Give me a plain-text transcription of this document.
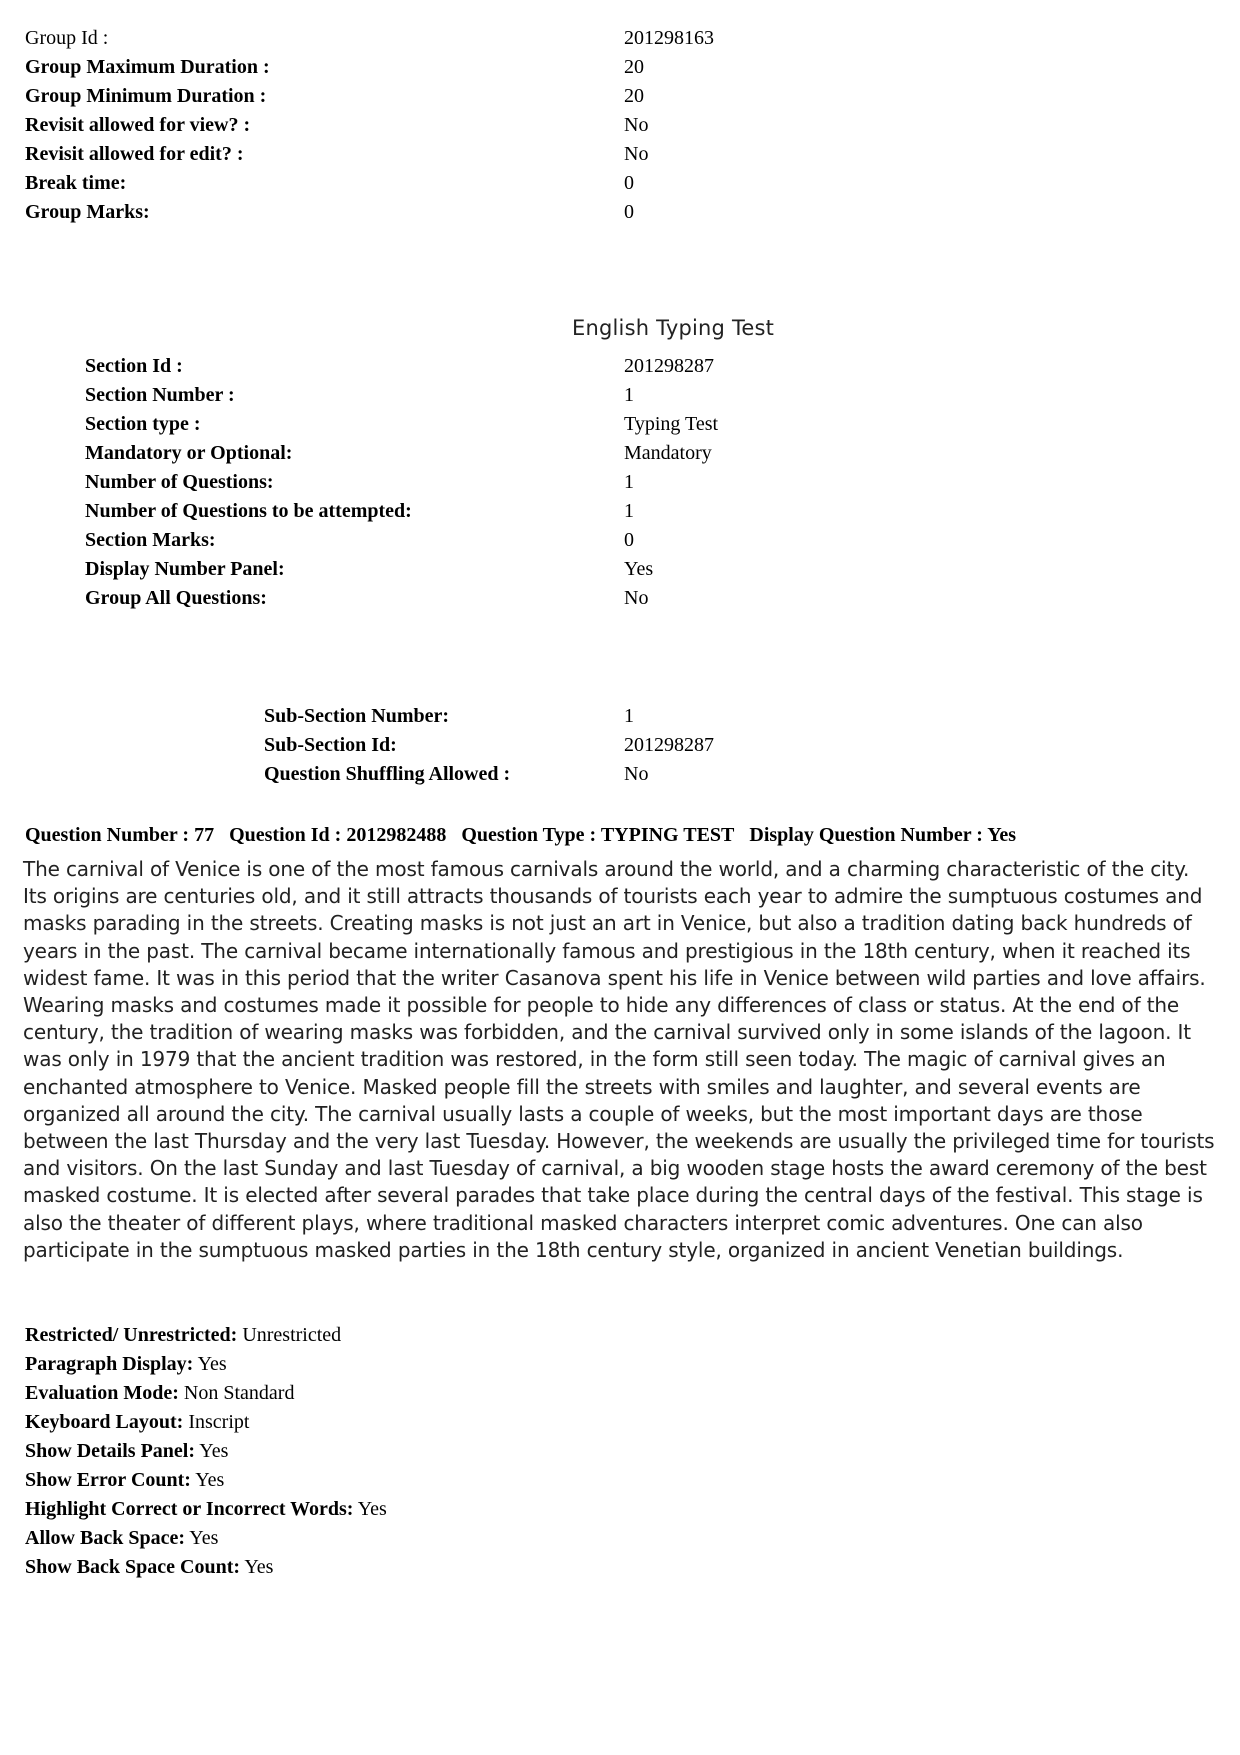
Group Id :	201298163
Group Maximum Duration :	20
Group Minimum Duration :	20
Revisit allowed for view? :	No
Revisit allowed for edit? :	No
Break time:	0
Group Marks:	0
English Typing Test
Section Id :	201298287
Section Number :	1
Section type :	Typing Test
Mandatory or Optional:	Mandatory
Number of Questions:	1
Number of Questions to be attempted:	1
Section Marks:	0
Display Number Panel:	Yes
Group All Questions:	No
Sub-Section Number:	1
Sub-Section Id:	201298287
Question Shuffling Allowed :	No
Question Number : 77 Question Id : 2012982488 Question Type : TYPING TEST Display Question Number : Yes
The carnival of Venice is one of the most famous carnivals around the world, and a charming characteristic of the city. Its origins are centuries old, and it still attracts thousands of tourists each year to admire the sumptuous costumes and masks parading in the streets. Creating masks is not just an art in Venice, but also a tradition dating back hundreds of years in the past. The carnival became internationally famous and prestigious in the 18th century, when it reached its widest fame. It was in this period that the writer Casanova spent his life in Venice between wild parties and love affairs. Wearing masks and costumes made it possible for people to hide any differences of class or status. At the end of the century, the tradition of wearing masks was forbidden, and the carnival survived only in some islands of the lagoon. It was only in 1979 that the ancient tradition was restored, in the form still seen today. The magic of carnival gives an enchanted atmosphere to Venice. Masked people fill the streets with smiles and laughter, and several events are organized all around the city. The carnival usually lasts a couple of weeks, but the most important days are those between the last Thursday and the very last Tuesday. However, the weekends are usually the privileged time for tourists and visitors. On the last Sunday and last Tuesday of carnival, a big wooden stage hosts the award ceremony of the best masked costume. It is elected after several parades that take place during the central days of the festival. This stage is also the theater of different plays, where traditional masked characters interpret comic adventures. One can also participate in the sumptuous masked parties in the 18th century style, organized in ancient Venetian buildings.
Restricted/ Unrestricted: Unrestricted
Paragraph Display: Yes
Evaluation Mode: Non Standard
Keyboard Layout: Inscript
Show Details Panel: Yes
Show Error Count: Yes
Highlight Correct or Incorrect Words: Yes
Allow Back Space: Yes
Show Back Space Count: Yes
